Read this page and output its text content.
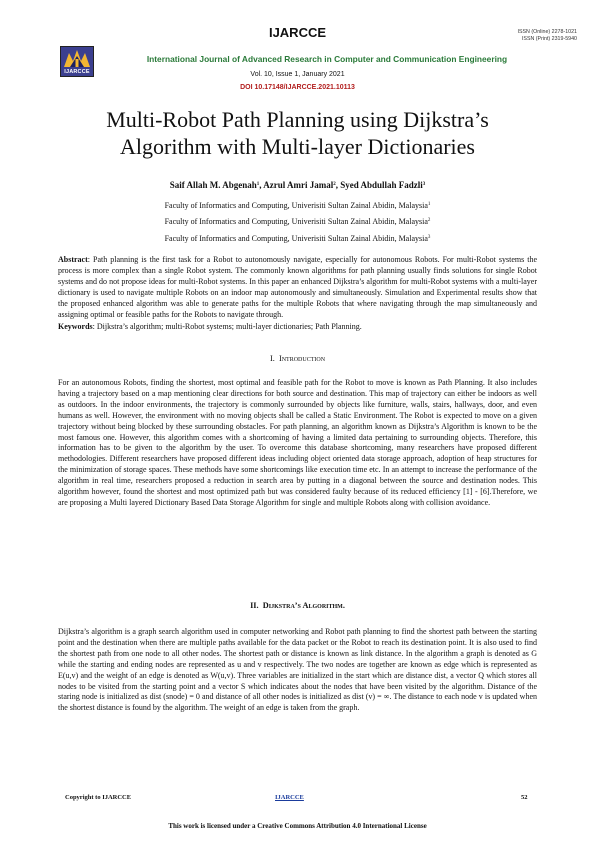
IJARCCE	ISSN (Online) 2278-1021
ISSN (Print) 2319-5940
IJARCCE
International Journal of Advanced Research in Computer and Communication Engineering
Vol. 10, Issue 1, January 2021
DOI 10.17148/IJARCCE.2021.10113
Multi-Robot Path Planning using Dijkstra’s
Algorithm with Multi-layer Dictionaries
Saif Allah M. Abgenah$^1$, Azrul Amri Jamal$^2$, Syed Abdullah Fadzli$^3$
Faculty of Informatics and Computing, Univerisiti Sultan Zainal Abidin, Malaysia$^1$
Faculty of Informatics and Computing, Univerisiti Sultan Zainal Abidin, Malaysia$^2$
Faculty of Informatics and Computing, Univerisiti Sultan Zainal Abidin, Malaysia$^3$
Abstract: Path planning is the first task for a Robot to autonomously navigate, especially for autonomous Robots. For multi-Robot systems the process is more complex than a single Robot system. The commonly known algorithms for path planning usually finds solutions for single Robot systems and do not propose ideas for multi-Robot systems. In this paper an enhanced Dijkstra’s algorithm for multi-Robot systems with a multi-layer dictionary is used to navigate multiple Robots on an indoor map autonomously and simultaneously. Simulation and Experimental results show that the proposed enhanced algorithm was able to generate paths for the multiple Robots that where navigating through the map simultaneously and assigning optimal or feasible paths for the Robots to navigate through.
Keywords: Dijkstra’s algorithm; multi-Robot systems; multi-layer dictionaries; Path Planning.
I. Introduction
For an autonomous Robots, finding the shortest, most optimal and feasible path for the Robot to move is known as Path Planning. It also includes having a trajectory based on a map mentioning clear directions for both source and destination. This map of trajectory can either be indoors as well as outdoors. In the indoor environments, the trajectory is commonly surrounded by objects like furniture, walls, stairs, hallways, door, and even humans as well. However, the environment with no moving objects shall be called a Static Environment. The Robot is expected to move on a given trajectory without being blocked by these surrounding obstacles. For path planning, an algorithm known as Dijkstra’s Algorithm is known to be the most famous one. However, this algorithm comes with a shortcoming of having a limited data pertaining to surrounding objects. Therefore, this information has to be given to the algorithm by the user. To overcome this database shortcoming, many researchers have proposed different methodologies. Different researchers have proposed different ideas including object oriented data storage approach, adoption of heap structures for the minimization of storage spaces. These methods have some shortcomings like execution time etc. In an attempt to increase the performance of the algorithm in real time, researchers proposed a reduction in search area by putting in a diagonal between the source and destination nodes. This algorithm however, found the shortest and most optimized path but was considered faulty because of its reduced efficiency [1] - [6].Therefore, we are proposing a Multi layered Dictionary Based Data Storage Algorithm for single and multiple Robots along with collision avoidance.
II. Dijkstra’s Algorithm.
Dijkstra’s algorithm is a graph search algorithm used in computer networking and Robot path planning to find the shortest path between the starting point and the destination when there are multiple paths available for the data packet or the Robot to reach its destination point. It is also used to find the shortest path from one node to all other nodes. The shortest path or distance is known as link distance. In the algorithm a graph is denoted as G while the starting and ending nodes are represented as u and v respectively. The two nodes are together are known as edge which is represented as E(u,v) and the weight of an edge is denoted as W(u,v). Three variables are initialized in the start which are distance dist, a vector Q which stores all nodes to be visited from the starting point and a vector S which indicates about the nodes that have been visited by the algorithm. Distance of the staring node is initialized as dist (snode) = 0 and distance of all other nodes is initialized as dist (v) = ∞. The distance to each node v is updated when the shortest distance is found by the algorithm. The weight of an edge is taken from the graph.
Copyright to IJARCCE	IJARCCE	52
This work is licensed under a Creative Commons Attribution 4.0 International License
